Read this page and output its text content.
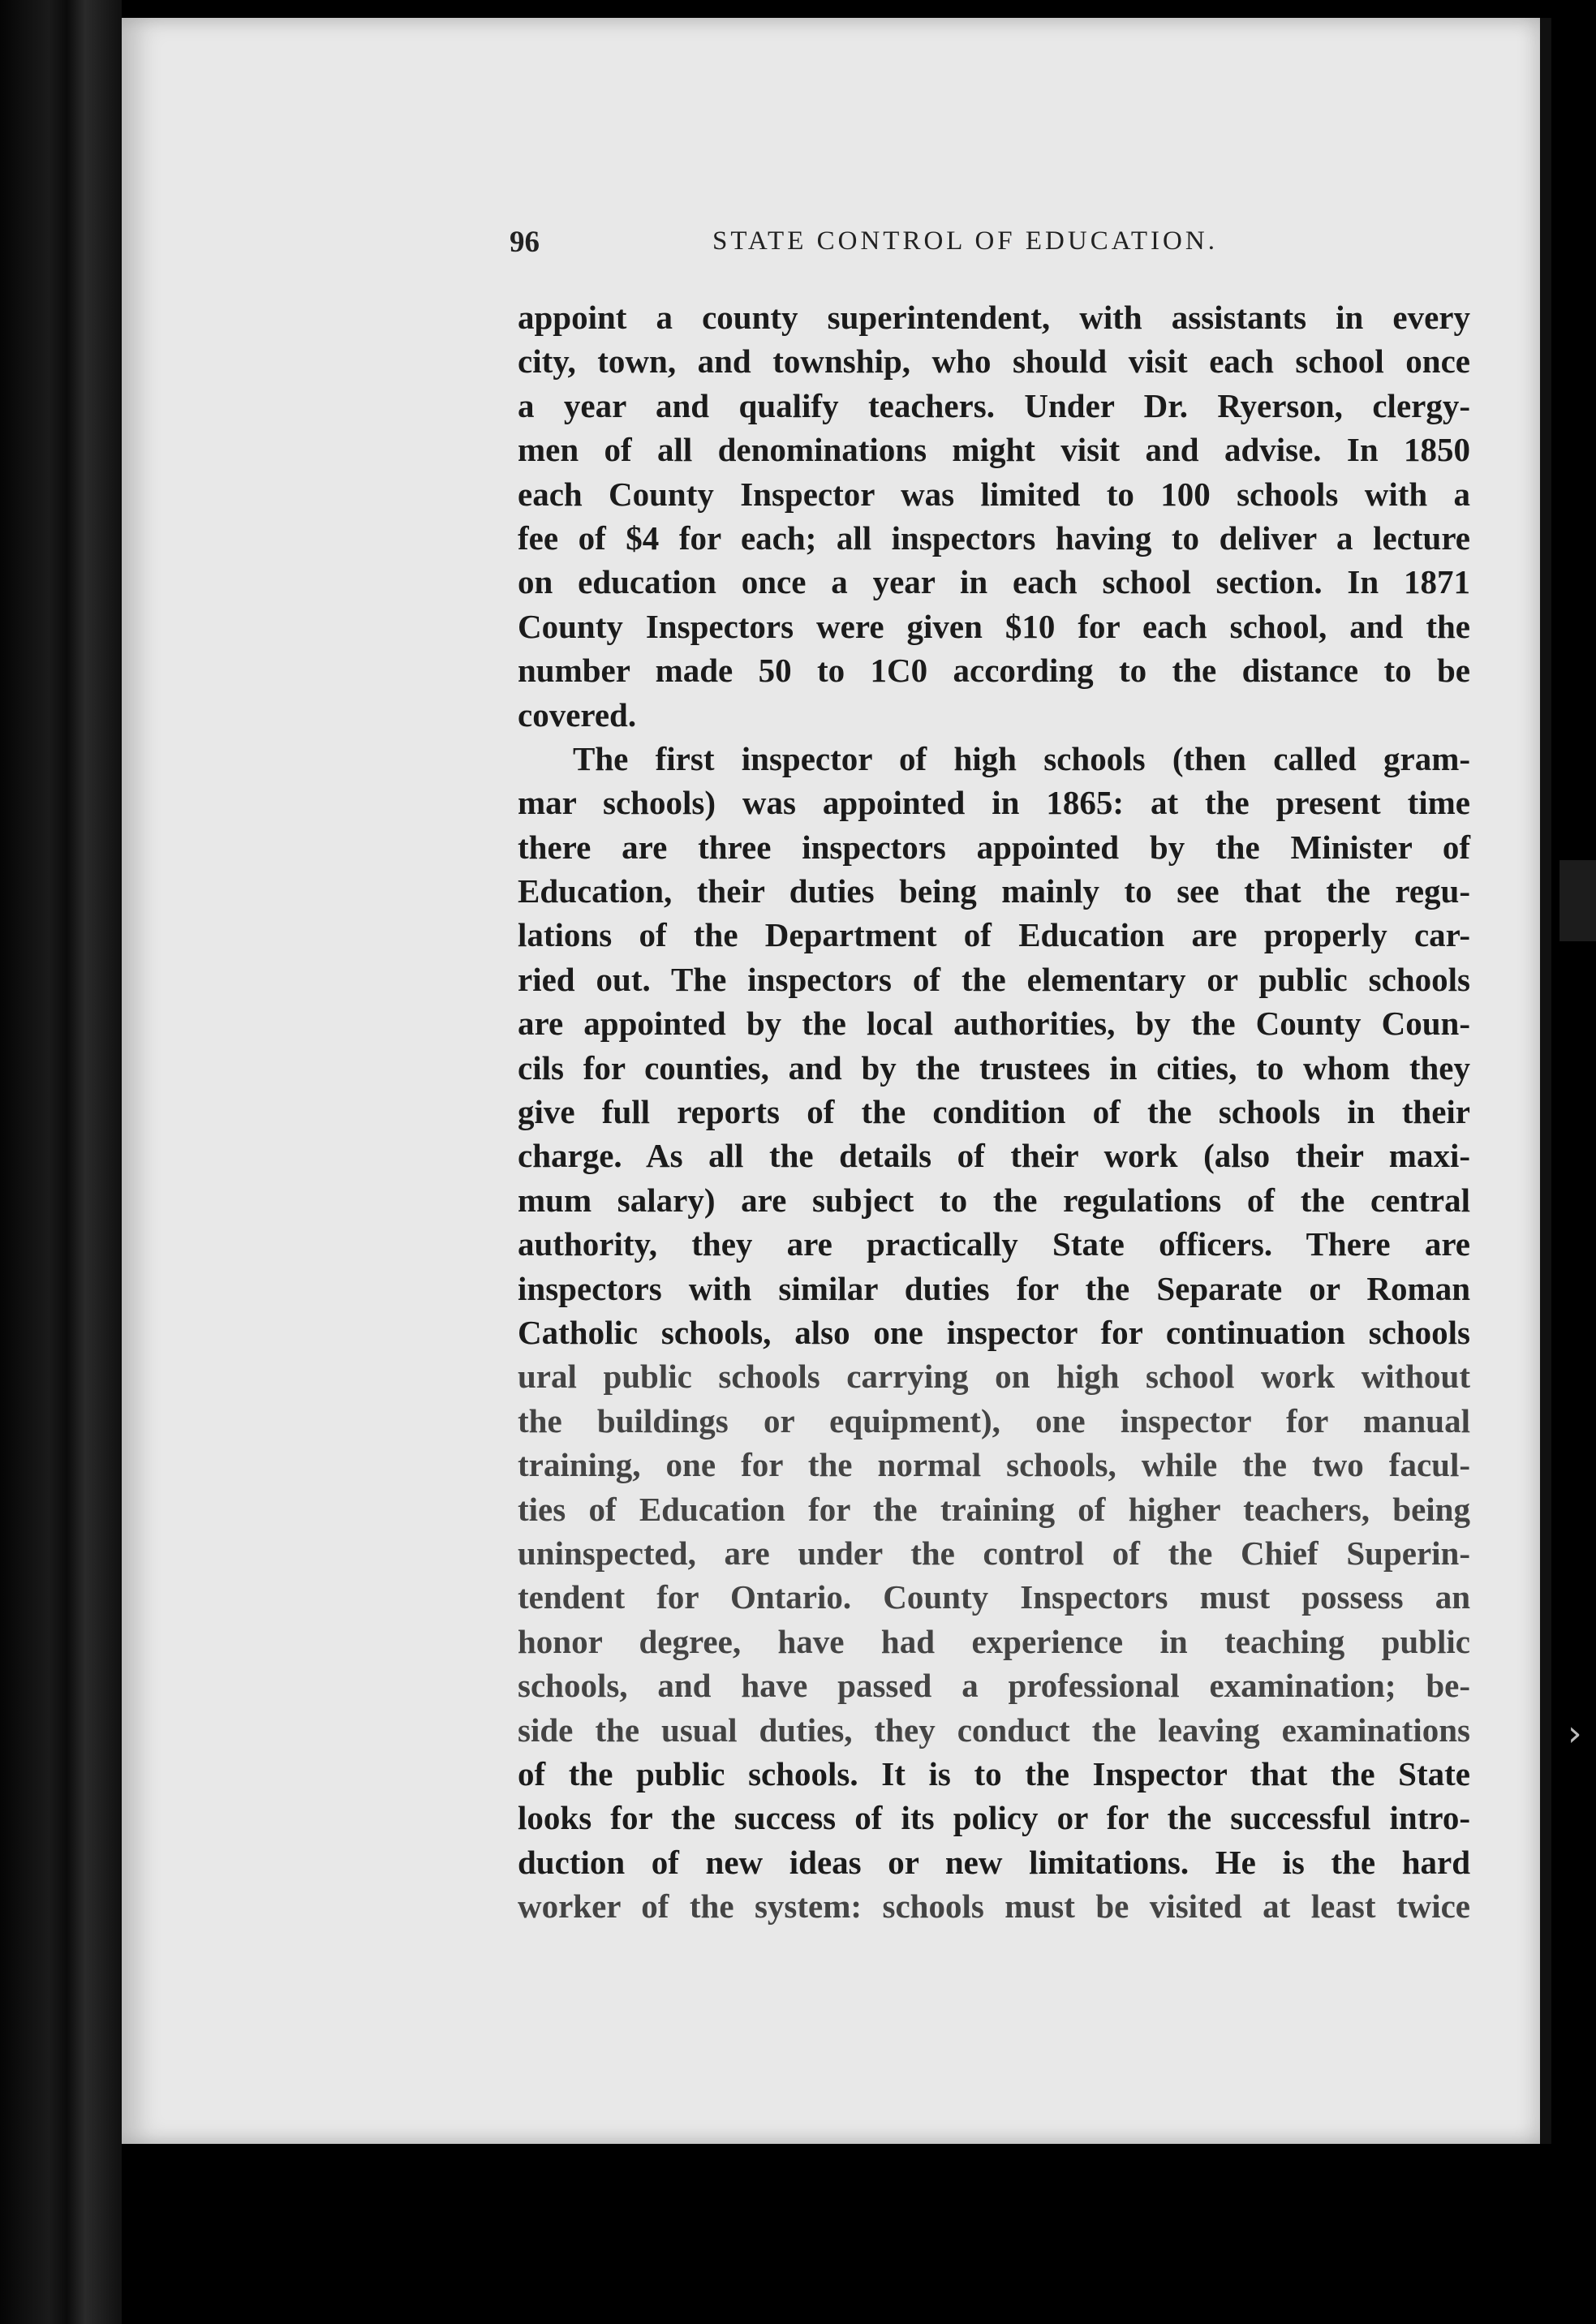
›
96	STATE CONTROL OF EDUCATION.
appoint a county superintendent, with assistants in every
city, town, and township, who should visit each school once
a year and qualify teachers. Under Dr. Ryerson, clergy-
men of all denominations might visit and advise. In 1850
each County Inspector was limited to 100 schools with a
fee of $4 for each; all inspectors having to deliver a lecture
on education once a year in each school section. In 1871
County Inspectors were given $10 for each school, and the
number made 50 to 1C0 according to the distance to be
covered.
The first inspector of high schools (then called gram-
mar schools) was appointed in 1865: at the present time
there are three inspectors appointed by the Minister of
Education, their duties being mainly to see that the regu-
lations of the Department of Education are properly car-
ried out. The inspectors of the elementary or public schools
are appointed by the local authorities, by the County Coun-
cils for counties, and by the trustees in cities, to whom they
give full reports of the condition of the schools in their
charge. As all the details of their work (also their maxi-
mum salary) are subject to the regulations of the central
authority, they are practically State officers. There are
inspectors with similar duties for the Separate or Roman
Catholic schools, also one inspector for continuation schools
ural public schools carrying on high school work without
the buildings or equipment), one inspector for manual
training, one for the normal schools, while the two facul-
ties of Education for the training of higher teachers, being
uninspected, are under the control of the Chief Superin-
tendent for Ontario. County Inspectors must possess an
honor degree, have had experience in teaching public
schools, and have passed a professional examination; be-
side the usual duties, they conduct the leaving examinations
of the public schools. It is to the Inspector that the State
looks for the success of its policy or for the successful intro-
duction of new ideas or new limitations. He is the hard
worker of the system: schools must be visited at least twice
